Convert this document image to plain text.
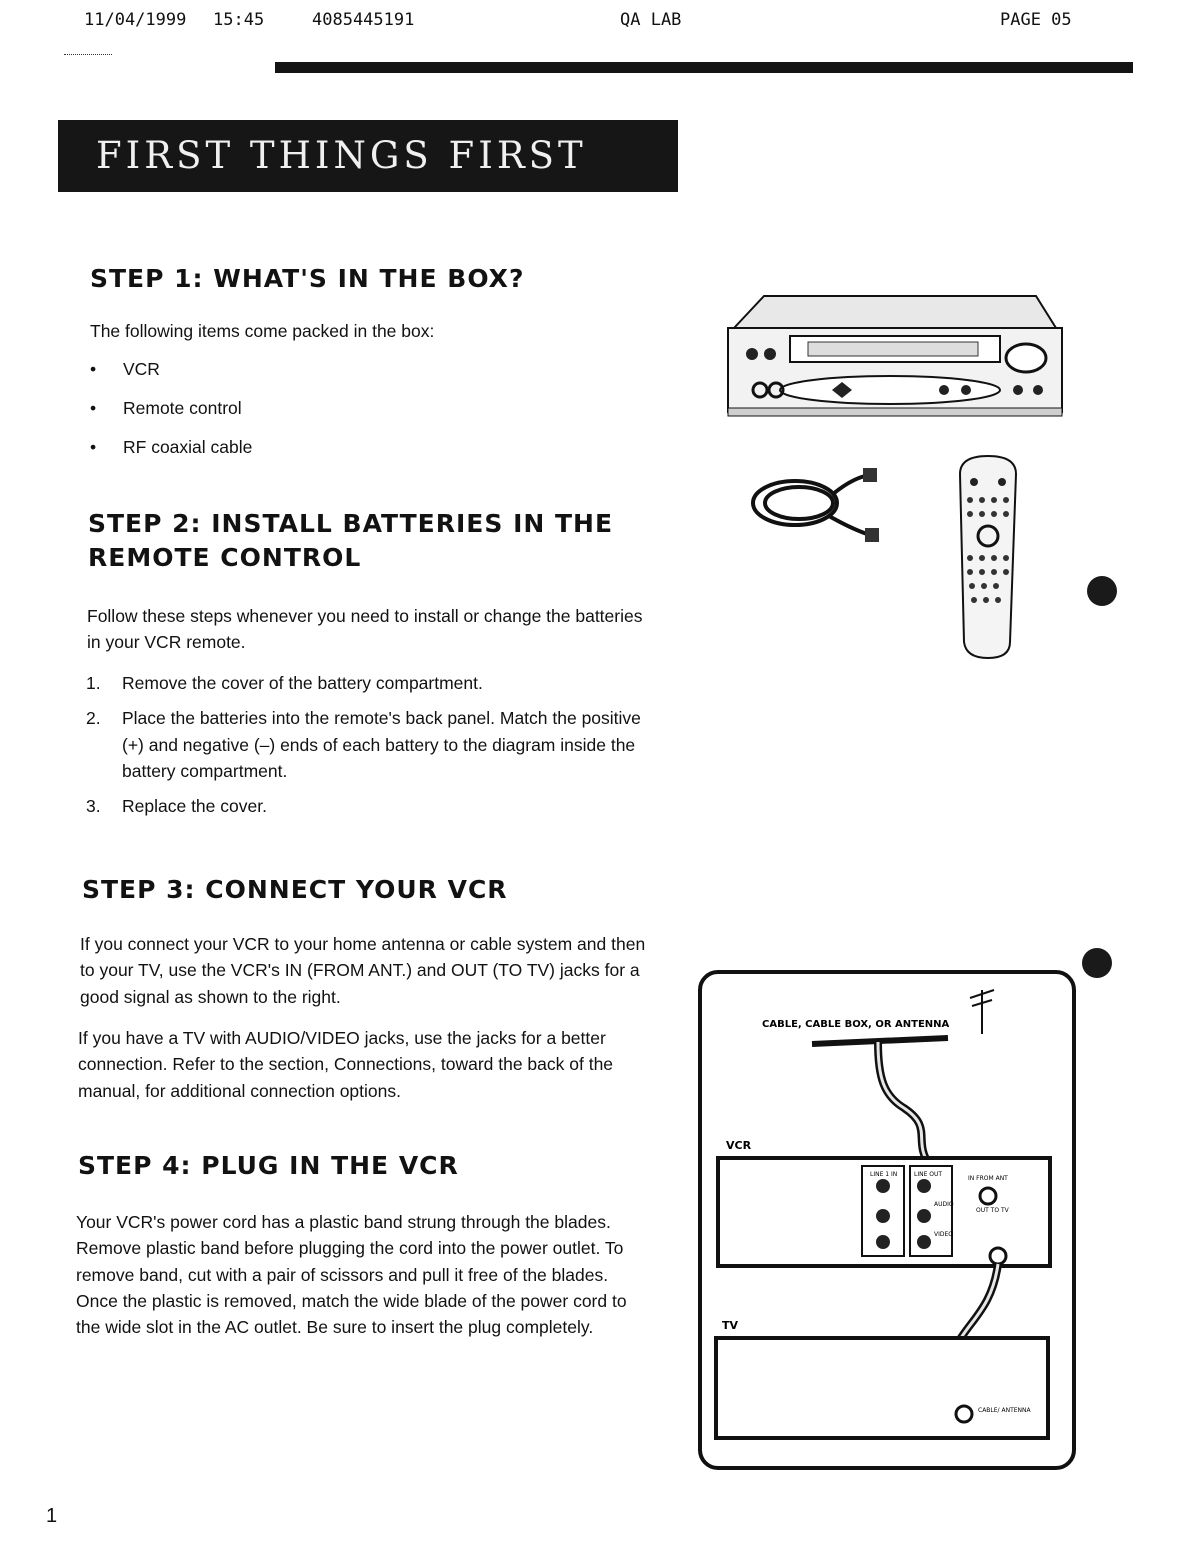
11/04/1999 15:45	4085445191	QA LAB	PAGE 05
FIRST THINGS FIRST
STEP 1: WHAT'S IN THE BOX?
The following items come packed in the box:
• VCR
• Remote control
• RF coaxial cable
STEP 2: INSTALL BATTERIES IN THE
REMOTE CONTROL
Follow these steps whenever you need to install or change the batteries in your VCR remote.
1. Remove the cover of the battery compartment.
2. Place the batteries into the remote's back panel. Match the positive (+) and negative (–) ends of each battery to the diagram inside the battery compartment.
3. Replace the cover.
STEP 3: CONNECT YOUR VCR
If you connect your VCR to your home antenna or cable system and then to your TV, use the VCR's IN (FROM ANT.) and OUT (TO TV) jacks for a good signal as shown to the right.
If you have a TV with AUDIO/VIDEO jacks, use the jacks for a better connection. Refer to the section, Connections, toward the back of the manual, for additional connection options.
STEP 4: PLUG IN THE VCR
Your VCR's power cord has a plastic band strung through the blades. Remove plastic band before plugging the cord into the power outlet. To remove band, cut with a pair of scissors and pull it free of the blades. Once the plastic is removed, match the wide blade of the power cord to the wide slot in the AC outlet. Be sure to insert the plug completely.
CABLE, CABLE BOX, OR ANTENNA
VCR
LINE 1 IN	LINE OUT
AUDIO
VIDEO
IN FROM ANT
OUT TO TV
TV
CABLE/ ANTENNA
1
